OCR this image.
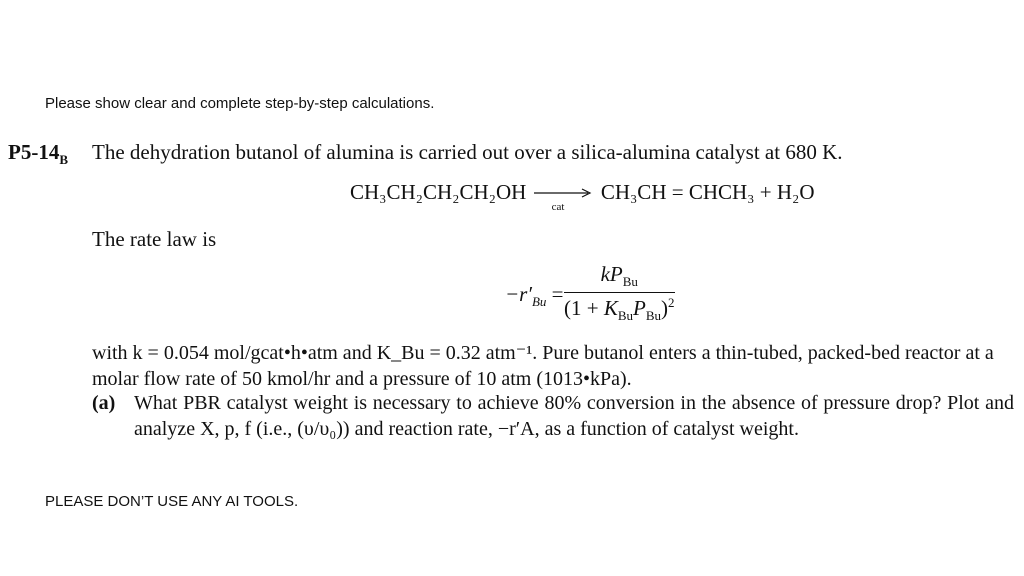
Please show clear and complete step-by-step calculations.
$P5-14_B$ The dehydration butanol of alumina is carried out over a silica-alumina catalyst at 680 K.
CH₃CH₂CH₂CH₂OH
cat
CH₃CH = CHCH₃ + H₂O
The rate law is
$-r'_{Bu}$ =
$kP_{Bu}$
$(1 + K_{Bu}P_{Bu})^2$
with k = 0.054 mol/gcat•h•atm and K_Bu = 0.32 atm⁻¹. Pure butanol enters a thin-tubed, packed-bed reactor at a molar flow rate of 50 kmol/hr and a pressure of 10 atm (1013•kPa).
(a) What PBR catalyst weight is necessary to achieve 80% conversion in the absence of pressure drop? Plot and analyze X, p, f (i.e., (υ/υ₀)) and reaction rate, −r′A, as a function of catalyst weight.
PLEASE DON’T USE ANY AI TOOLS.
